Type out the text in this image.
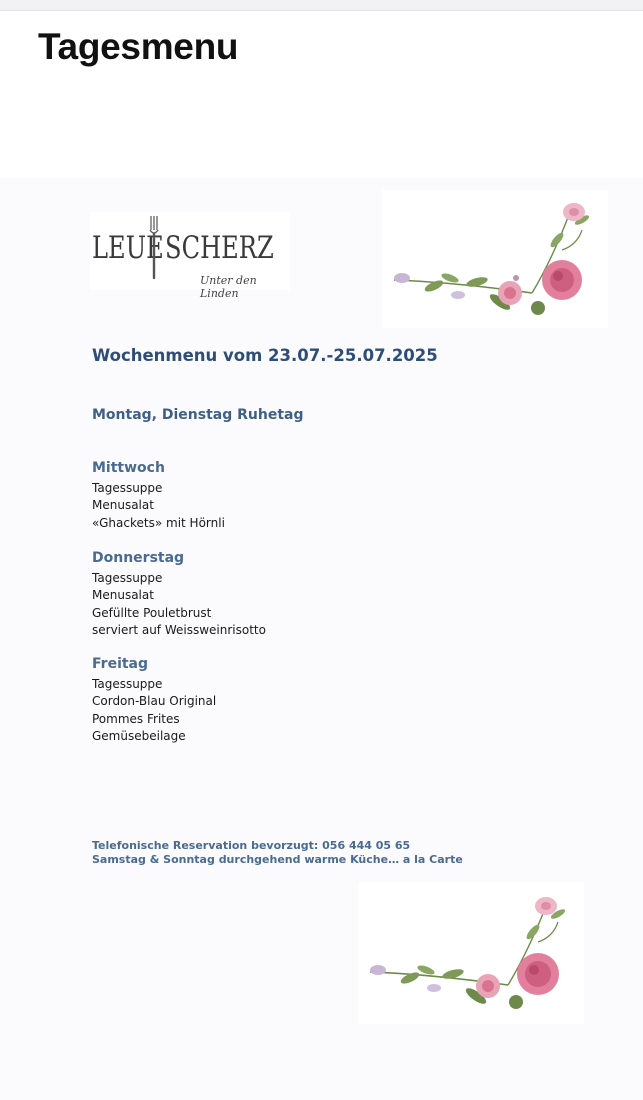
Tagesmenu
LEUE SCHERZ
Unter den Linden
Wochenmenu vom 23.07.-25.07.2025
Montag, Dienstag Ruhetag

Mittwoch

Tagessuppe

Menusalat

«Ghackets» mit Hörnli

Donnerstag

Tagessuppe

Menusalat

Gefüllte Pouletbrust

serviert auf Weissweinrisotto

Freitag

Tagessuppe

Cordon-Blau Original

Pommes Frites

Gemüsebeilage

Telefonische Reservation bevorzugt: 056 444 05 65

Samstag & Sonntag durchgehend warme Küche… a la Carte
